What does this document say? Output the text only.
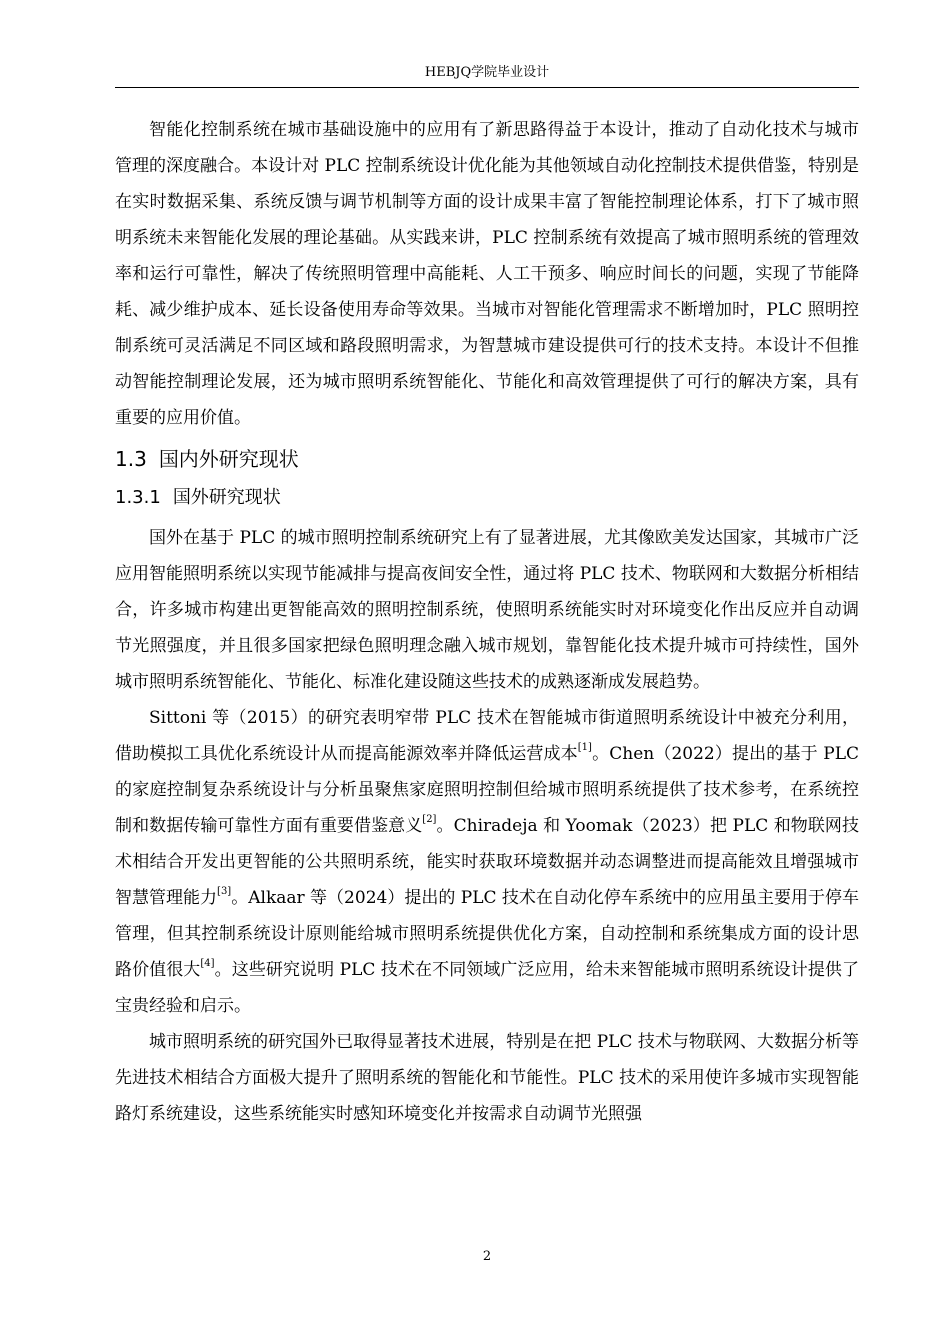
HEBJQ学院毕业设计

智能化控制系统在城市基础设施中的应用有了新思路得益于本设计，推动了自动化技术与城市管理的深度融合。本设计对 PLC 控制系统设计优化能为其他领域自动化控制技术提供借鉴，特别是在实时数据采集、系统反馈与调节机制等方面的设计成果丰富了智能控制理论体系，打下了城市照明系统未来智能化发展的理论基础。从实践来讲，PLC 控制系统有效提高了城市照明系统的管理效率和运行可靠性，解决了传统照明管理中高能耗、人工干预多、响应时间长的问题，实现了节能降耗、减少维护成本、延长设备使用寿命等效果。当城市对智能化管理需求不断增加时，PLC 照明控制系统可灵活满足不同区域和路段照明需求，为智慧城市建设提供可行的技术支持。本设计不但推动智能控制理论发展，还为城市照明系统智能化、节能化和高效管理提供了可行的解决方案，具有重要的应用价值。

1.3 国内外研究现状
1.3.1 国外研究现状

国外在基于 PLC 的城市照明控制系统研究上有了显著进展，尤其像欧美发达国家，其城市广泛应用智能照明系统以实现节能减排与提高夜间安全性，通过将 PLC 技术、物联网和大数据分析相结合，许多城市构建出更智能高效的照明控制系统，使照明系统能实时对环境变化作出反应并自动调节光照强度，并且很多国家把绿色照明理念融入城市规划，靠智能化技术提升城市可持续性，国外城市照明系统智能化、节能化、标准化建设随这些技术的成熟逐渐成发展趋势。

Sittoni 等（2015）的研究表明窄带 PLC 技术在智能城市街道照明系统设计中被充分利用，借助模拟工具优化系统设计从而提高能源效率并降低运营成本[1]。Chen（2022）提出的基于 PLC 的家庭控制复杂系统设计与分析虽聚焦家庭照明控制但给城市照明系统提供了技术参考，在系统控制和数据传输可靠性方面有重要借鉴意义[2]。Chiradeja 和 Yoomak（2023）把 PLC 和物联网技术相结合开发出更智能的公共照明系统，能实时获取环境数据并动态调整进而提高能效且增强城市智慧管理能力[3]。Alkaar 等（2024）提出的 PLC 技术在自动化停车系统中的应用虽主要用于停车管理，但其控制系统设计原则能给城市照明系统提供优化方案，自动控制和系统集成方面的设计思路价值很大[4]。这些研究说明 PLC 技术在不同领域广泛应用，给未来智能城市照明系统设计提供了宝贵经验和启示。

城市照明系统的研究国外已取得显著技术进展，特别是在把 PLC 技术与物联网、大数据分析等先进技术相结合方面极大提升了照明系统的智能化和节能性。PLC 技术的采用使许多城市实现智能路灯系统建设，这些系统能实时感知环境变化并按需求自动调节光照强

2
